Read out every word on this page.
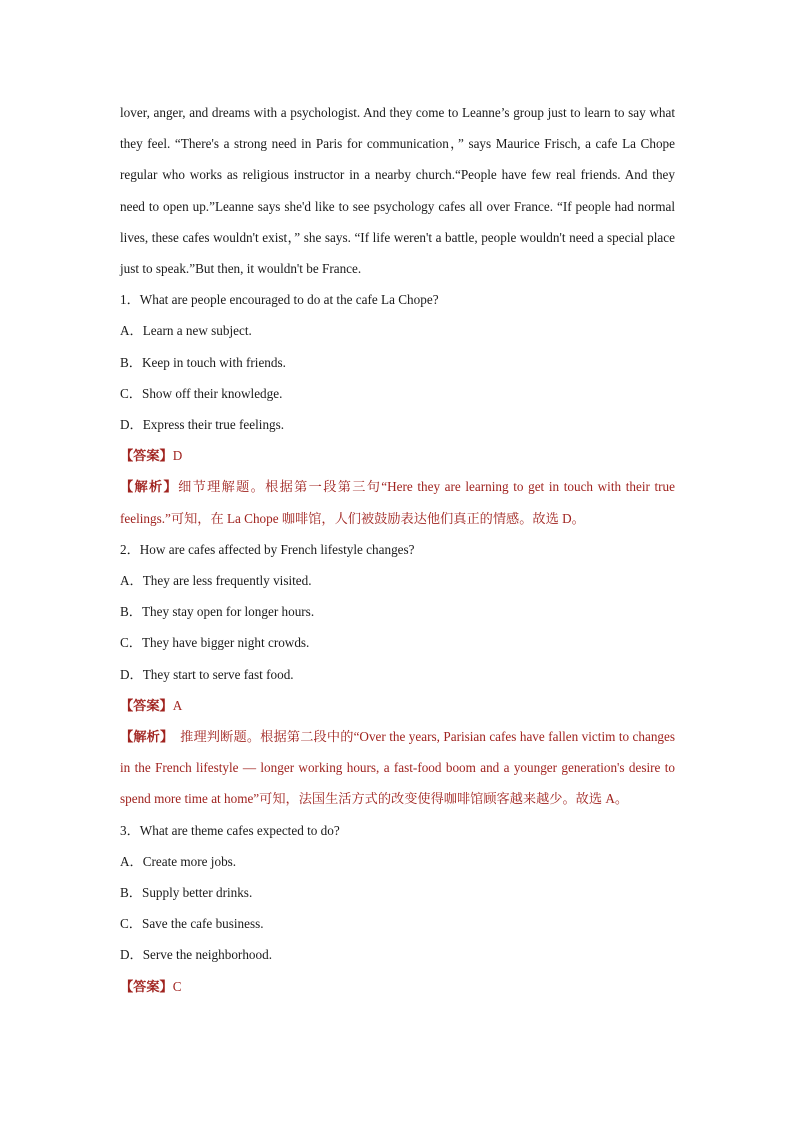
lover, anger, and dreams with a psychologist. And they come to Leanne’s group just to learn to say what they feel. “There's a strong need in Paris for communication，” says Maurice Frisch, a cafe La Chope regular who works as religious instructor in a nearby church.“People have few real friends. And they need to open up.”Leanne says she'd like to see psychology cafes all over France. “If people had normal lives, these cafes wouldn't exist，” she says. “If life weren't a battle, people wouldn't need a special place just to speak.”But then, it wouldn't be France.

1．What are people encouraged to do at the cafe La Chope?
A．Learn a new subject.
B．Keep in touch with friends.
C．Show off their knowledge.
D．Express their true feelings.
【答案】D
【解析】细节理解题。根据第一段第三句“Here they are learning to get in touch with their true feelings.”可知，在 La Chope 咖啡馆，人们被鼓励表达他们真正的情感。故选 D。
2．How are cafes affected by French lifestyle changes?
A．They are less frequently visited.
B．They stay open for longer hours.
C．They have bigger night crowds.
D．They start to serve fast food.
【答案】A
【解析】　推理判断题。根据第二段中的“Over the years, Parisian cafes have fallen victim to changes in the French lifestyle — longer working hours, a fast-food boom and a younger generation's desire to spend more time at home”可知，法国生活方式的改变使得咖啡馆顾客越来越少。故选 A。
3．What are theme cafes expected to do?
A．Create more jobs.
B．Supply better drinks.
C．Save the cafe business.
D．Serve the neighborhood.
【答案】C
